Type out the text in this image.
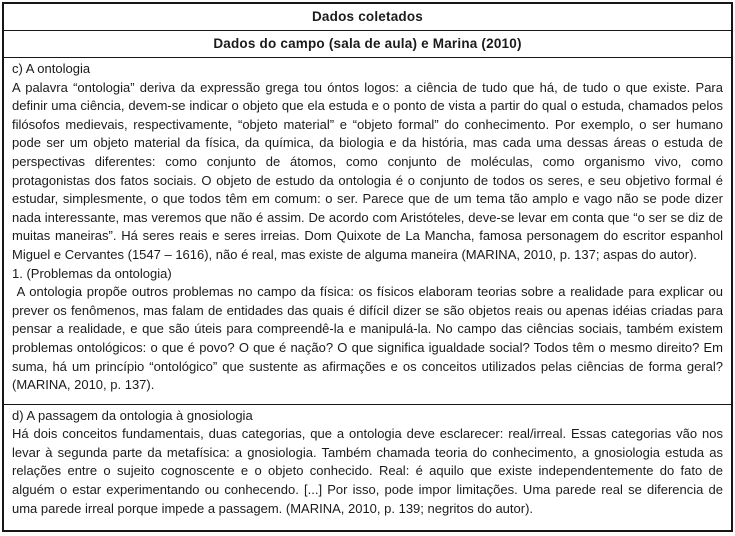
Dados coletados
Dados do campo (sala de aula) e Marina (2010)
c) A ontologia
A palavra “ontologia” deriva da expressão grega tou óntos logos: a ciência de tudo que há, de tudo o que existe. Para definir uma ciência, devem-se indicar o objeto que ela estuda e o ponto de vista a partir do qual o estuda, chamados pelos filósofos medievais, respectivamente, “objeto material” e “objeto formal” do conhecimento. Por exemplo, o ser humano pode ser um objeto material da física, da química, da biologia e da história, mas cada uma dessas áreas o estuda de perspectivas diferentes: como conjunto de átomos, como conjunto de moléculas, como organismo vivo, como protagonistas dos fatos sociais. O objeto de estudo da ontologia é o conjunto de todos os seres, e seu objetivo formal é estudar, simplesmente, o que todos têm em comum: o ser. Parece que de um tema tão amplo e vago não se pode dizer nada interessante, mas veremos que não é assim. De acordo com Aristóteles, deve-se levar em conta que “o ser se diz de muitas maneiras”. Há seres reais e seres irreias. Dom Quixote de La Mancha, famosa personagem do escritor espanhol Miguel e Cervantes (1547 – 1616), não é real, mas existe de alguma maneira (MARINA, 2010, p. 137; aspas do autor).
1. (Problemas da ontologia)
A ontologia propõe outros problemas no campo da física: os físicos elaboram teorias sobre a realidade para explicar ou prever os fenômenos, mas falam de entidades das quais é difícil dizer se são objetos reais ou apenas idéias criadas para pensar a realidade, e que são úteis para compreendê-la e manipulá-la. No campo das ciências sociais, também existem problemas ontológicos: o que é povo? O que é nação? O que significa igualdade social? Todos têm o mesmo direito? Em suma, há um princípio “ontológico” que sustente as afirmações e os conceitos utilizados pelas ciências de forma geral? (MARINA, 2010, p. 137).
d) A passagem da ontologia à gnosiologia
Há dois conceitos fundamentais, duas categorias, que a ontologia deve esclarecer: real/irreal. Essas categorias vão nos levar à segunda parte da metafísica: a gnosiologia. Também chamada teoria do conhecimento, a gnosiologia estuda as relações entre o sujeito cognoscente e o objeto conhecido. Real: é aquilo que existe independentemente do fato de alguém o estar experimentando ou conhecendo. [...] Por isso, pode impor limitações. Uma parede real se diferencia de uma parede irreal porque impede a passagem. (MARINA, 2010, p. 139; negritos do autor).
